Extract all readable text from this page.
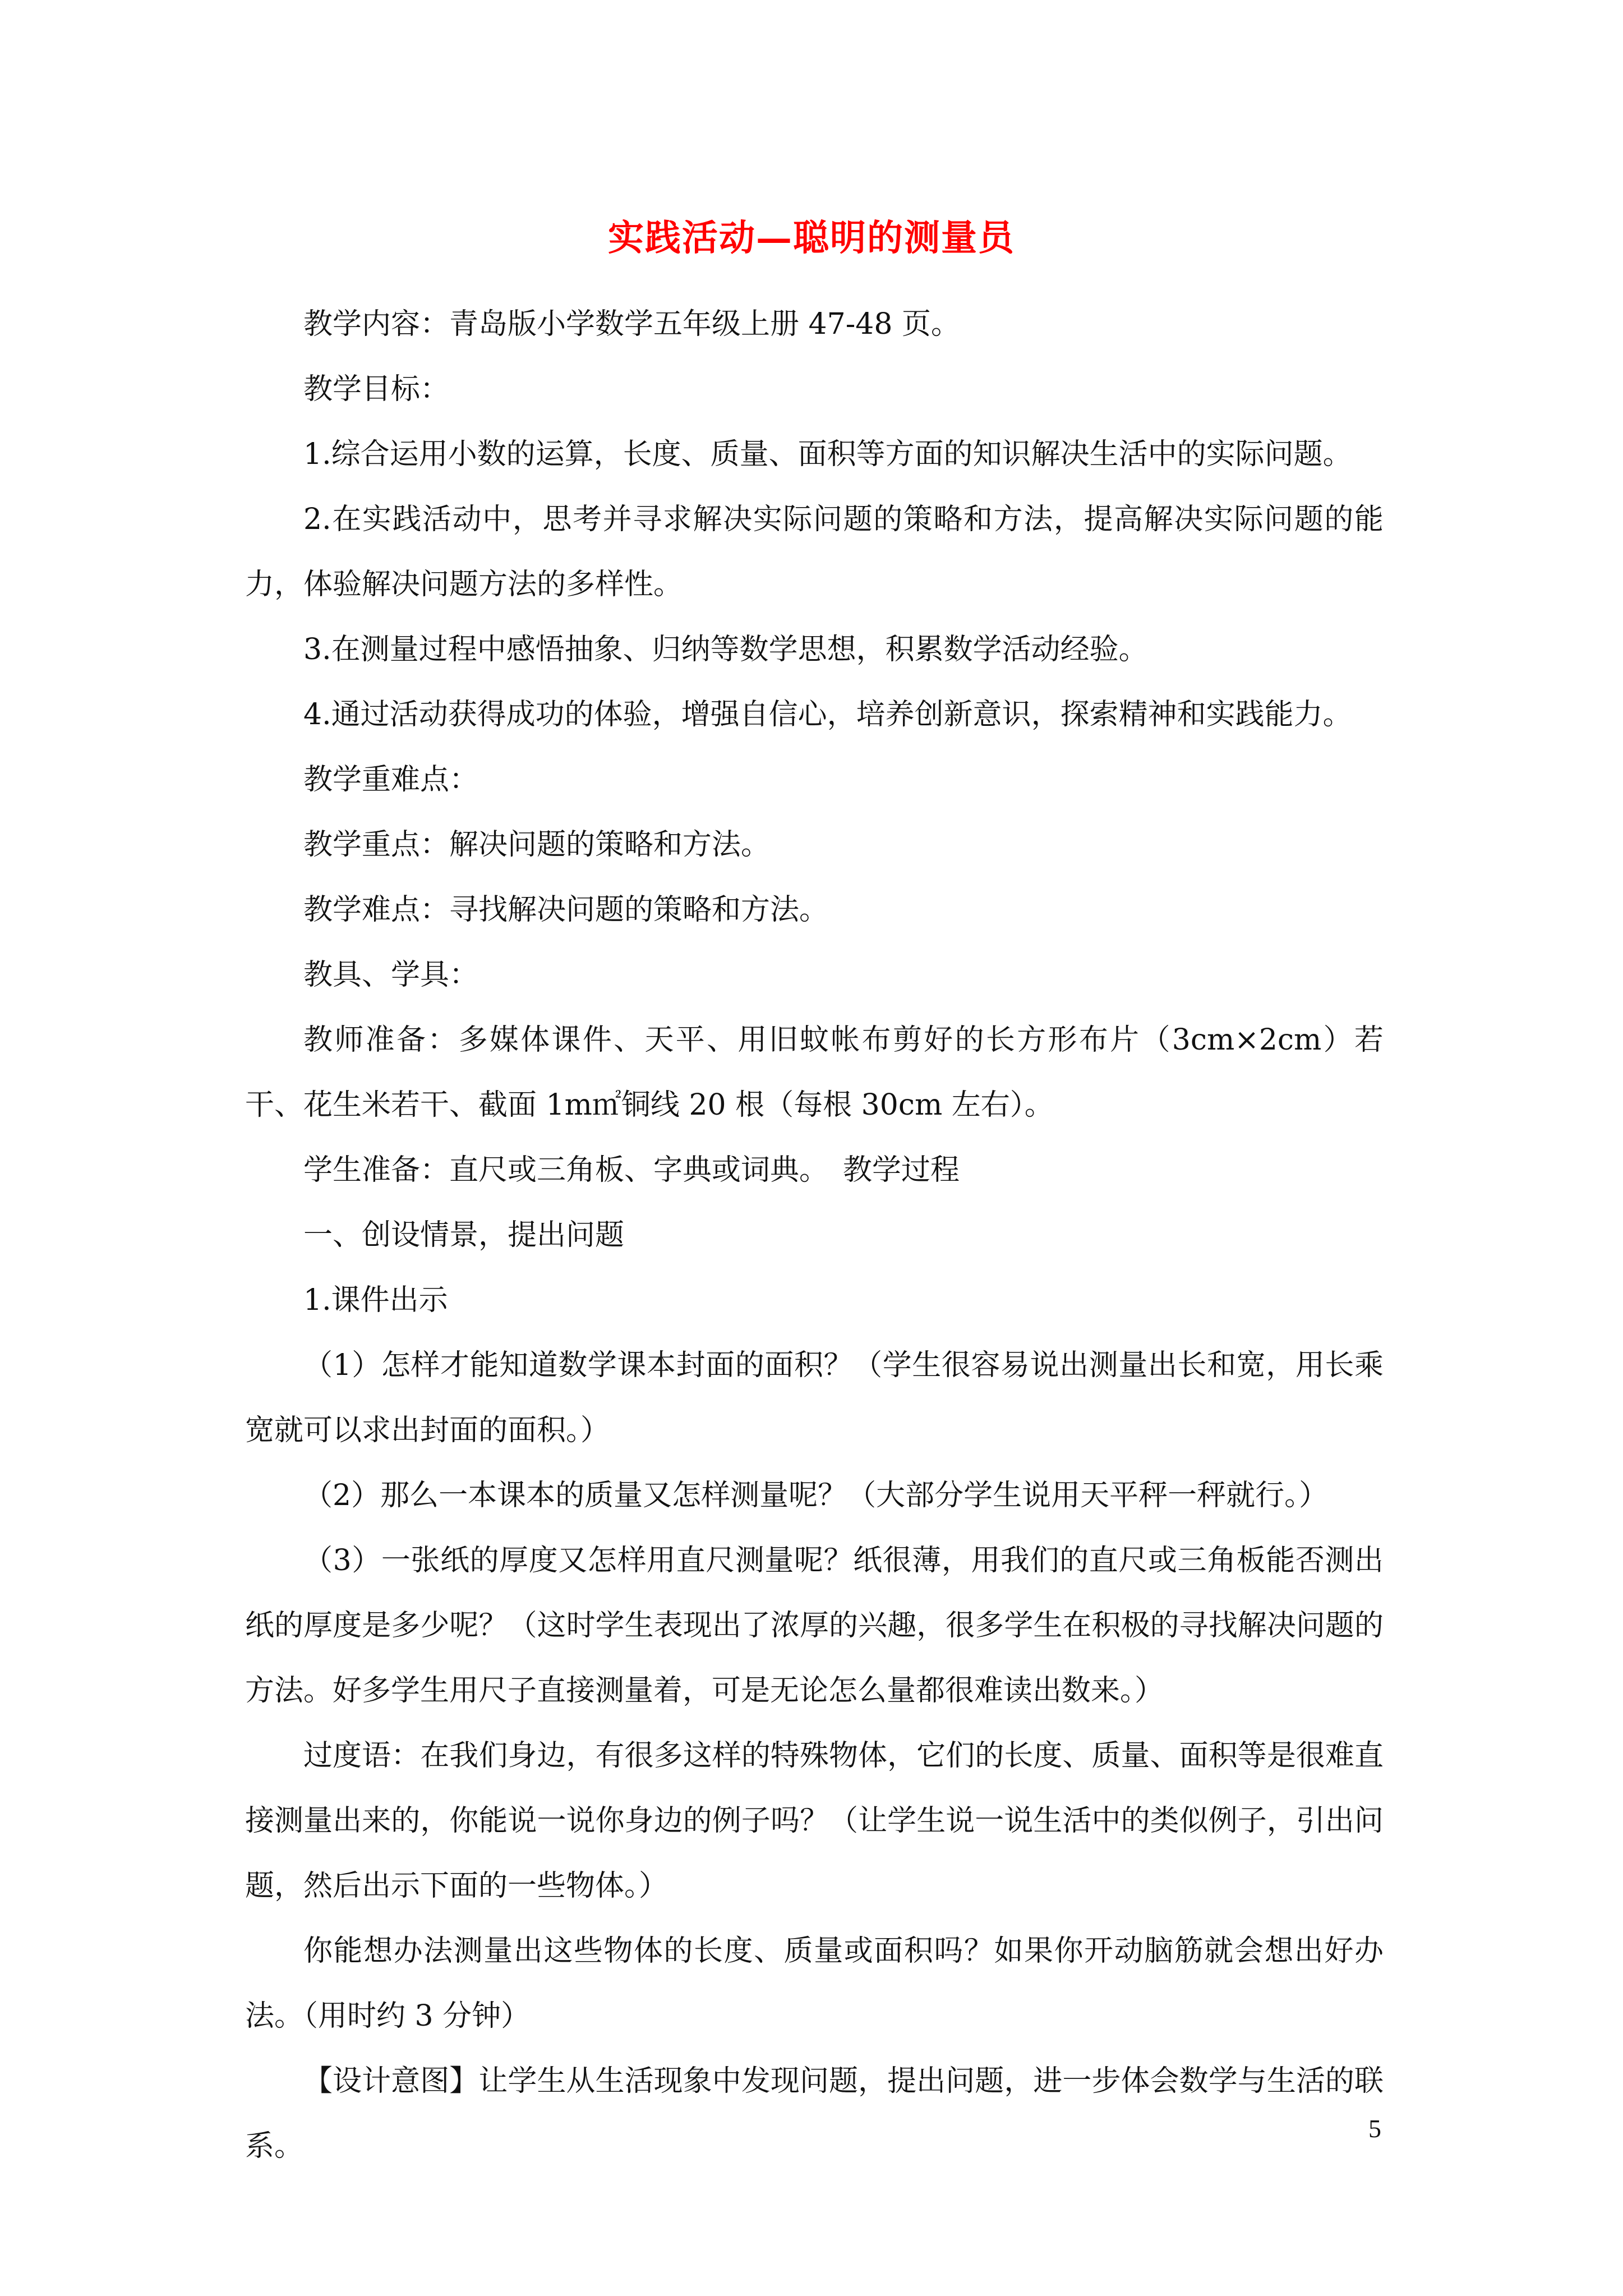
实践活动—聪明的测量员

教学内容：青岛版小学数学五年级上册 47-48 页。

教学目标：

1.综合运用小数的运算，长度、质量、面积等方面的知识解决生活中的实际问题。

2.在实践活动中，思考并寻求解决实际问题的策略和方法，提高解决实际问题的能力，体验解决问题方法的多样性。

3.在测量过程中感悟抽象、归纳等数学思想，积累数学活动经验。

4.通过活动获得成功的体验，增强自信心，培养创新意识，探索精神和实践能力。

教学重难点：

教学重点：解决问题的策略和方法。

教学难点：寻找解决问题的策略和方法。

教具、学具：

教师准备：多媒体课件、天平、用旧蚊帐布剪好的长方形布片（3cm×2cm）若干、花生米若干、截面 1m㎡铜线 20 根（每根 30cm 左右）。

学生准备：直尺或三角板、字典或词典。　教学过程

一、创设情景，提出问题

1.课件出示

（1）怎样才能知道数学课本封面的面积？（学生很容易说出测量出长和宽，用长乘宽就可以求出封面的面积。）

（2）那么一本课本的质量又怎样测量呢？（大部分学生说用天平秤一秤就行。）

（3）一张纸的厚度又怎样用直尺测量呢？纸很薄，用我们的直尺或三角板能否测出纸的厚度是多少呢？（这时学生表现出了浓厚的兴趣，很多学生在积极的寻找解决问题的方法。好多学生用尺子直接测量着，可是无论怎么量都很难读出数来。）

过度语：在我们身边，有很多这样的特殊物体，它们的长度、质量、面积等是很难直接测量出来的，你能说一说你身边的例子吗？（让学生说一说生活中的类似例子，引出问题，然后出示下面的一些物体。）

你能想办法测量出这些物体的长度、质量或面积吗？如果你开动脑筋就会想出好办法。（用时约 3 分钟）

【设计意图】让学生从生活现象中发现问题，提出问题，进一步体会数学与生活的联系。

5
